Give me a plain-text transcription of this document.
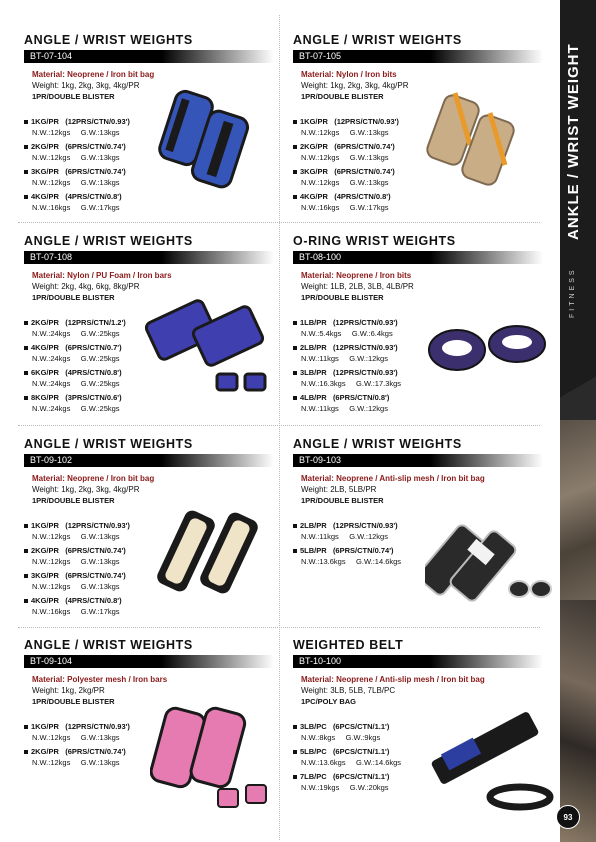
ANKLE / WRIST WEIGHT
FITNESS
93
ANGLE / WRIST WEIGHTS
BT-07-104
Material: Neoprene / Iron bit bag
Weight: 1kg, 2kg, 3kg, 4kg/PR
1PR/DOUBLE BLISTER
1KG/PR (12PRS/CTN/0.93')
N.W.:12kgs G.W.:13kgs
2KG/PR (6PRS/CTN/0.74')
N.W.:12kgs G.W.:13kgs
3KG/PR (6PRS/CTN/0.74')
N.W.:12kgs G.W.:13kgs
4KG/PR (4PRS/CTN/0.8')
N.W.:16kgs G.W.:17kgs
ANGLE / WRIST WEIGHTS
BT-07-105
Material: Nylon / Iron bits
Weight: 1kg, 2kg, 3kg, 4kg/PR
1PR/DOUBLE BLISTER
1KG/PR (12PRS/CTN/0.93')
N.W.:12kgs G.W.:13kgs
2KG/PR (6PRS/CTN/0.74')
N.W.:12kgs G.W.:13kgs
3KG/PR (6PRS/CTN/0.74')
N.W.:12kgs G.W.:13kgs
4KG/PR (4PRS/CTN/0.8')
N.W.:16kgs G.W.:17kgs
ANGLE / WRIST WEIGHTS
BT-07-108
Material: Nylon / PU Foam / Iron bars
Weight: 2kg, 4kg, 6kg, 8kg/PR
1PR/DOUBLE BLISTER
2KG/PR (12PRS/CTN/1.2')
N.W.:24kgs G.W.:25kgs
4KG/PR (6PRS/CTN/0.7')
N.W.:24kgs G.W.:25kgs
6KG/PR (4PRS/CTN/0.8')
N.W.:24kgs G.W.:25kgs
8KG/PR (3PRS/CTN/0.6')
N.W.:24kgs G.W.:25kgs
O-RING WRIST WEIGHTS
BT-08-100
Material: Neoprene / Iron bits
Weight: 1LB, 2LB, 3LB, 4LB/PR
1PR/DOUBLE BLISTER
1LB/PR (12PRS/CTN/0.93')
N.W.:5.4kgs G.W.:6.4kgs
2LB/PR (12PRS/CTN/0.93')
N.W.:11kgs G.W.:12kgs
3LB/PR (12PRS/CTN/0.93')
N.W.:16.3kgs G.W.:17.3kgs
4LB/PR (6PRS/CTN/0.8')
N.W.:11kgs G.W.:12kgs
ANGLE / WRIST WEIGHTS
BT-09-102
Material: Neoprene / Iron bit bag
Weight: 1kg, 2kg, 3kg, 4kg/PR
1PR/DOUBLE BLISTER
1KG/PR (12PRS/CTN/0.93')
N.W.:12kgs G.W.:13kgs
2KG/PR (6PRS/CTN/0.74')
N.W.:12kgs G.W.:13kgs
3KG/PR (6PRS/CTN/0.74')
N.W.:12kgs G.W.:13kgs
4KG/PR (4PRS/CTN/0.8')
N.W.:16kgs G.W.:17kgs
ANGLE / WRIST WEIGHTS
BT-09-103
Material: Neoprene / Anti-slip mesh / Iron bit bag
Weight: 2LB, 5LB/PR
1PR/DOUBLE BLISTER
2LB/PR (12PRS/CTN/0.93')
N.W.:11kgs G.W.:12kgs
5LB/PR (6PRS/CTN/0.74')
N.W.:13.6kgs G.W.:14.6kgs
ANGLE / WRIST WEIGHTS
BT-09-104
Material: Polyester mesh / Iron bars
Weight: 1kg, 2kg/PR
1PR/DOUBLE BLISTER
1KG/PR (12PRS/CTN/0.93')
N.W.:12kgs G.W.:13kgs
2KG/PR (6PRS/CTN/0.74')
N.W.:12kgs G.W.:13kgs
WEIGHTED BELT
BT-10-100
Material: Neoprene / Anti-slip mesh / Iron bit bag
Weight: 3LB, 5LB, 7LB/PC
1PC/POLY BAG
3LB/PC (6PCS/CTN/1.1')
N.W.:8kgs G.W.:9kgs
5LB/PC (6PCS/CTN/1.1')
N.W.:13.6kgs G.W.:14.6kgs
7LB/PC (6PCS/CTN/1.1')
N.W.:19kgs G.W.:20kgs
